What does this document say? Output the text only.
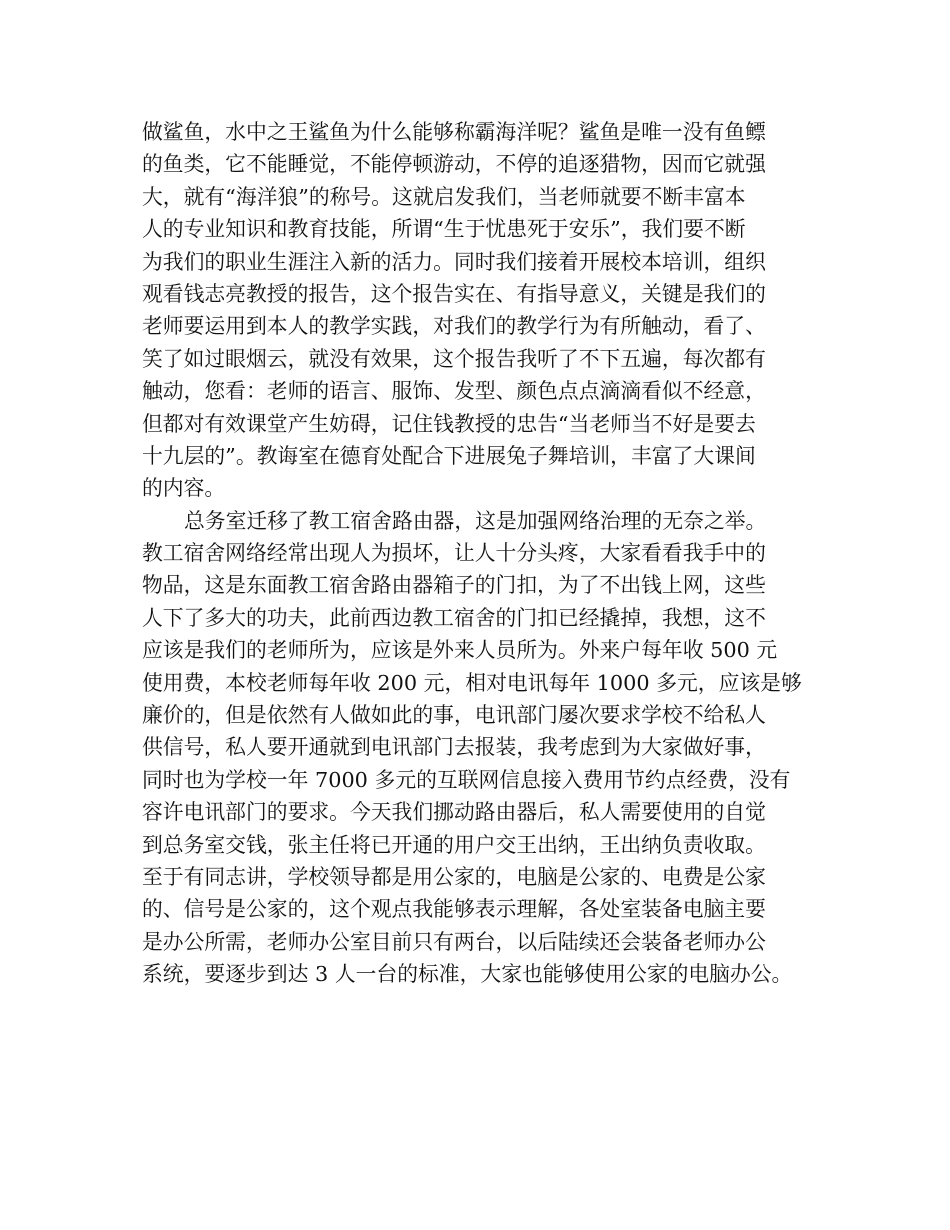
做鲨鱼，水中之王鲨鱼为什么能够称霸海洋呢？鲨鱼是唯一没有鱼鳔
的鱼类，它不能睡觉，不能停顿游动，不停的追逐猎物，因而它就强
大，就有“海洋狼”的称号。这就启发我们，当老师就要不断丰富本
人的专业知识和教育技能，所谓“生于忧患死于安乐”，我们要不断
为我们的职业生涯注入新的活力。同时我们接着开展校本培训，组织
观看钱志亮教授的报告，这个报告实在、有指导意义，关键是我们的
老师要运用到本人的教学实践，对我们的教学行为有所触动，看了、
笑了如过眼烟云，就没有效果，这个报告我听了不下五遍，每次都有
触动，您看：老师的语言、服饰、发型、颜色点点滴滴看似不经意，
但都对有效课堂产生妨碍，记住钱教授的忠告“当老师当不好是要去
十九层的”。教诲室在德育处配合下进展兔子舞培训，丰富了大课间
的内容。
总务室迁移了教工宿舍路由器，这是加强网络治理的无奈之举。
教工宿舍网络经常出现人为损坏，让人十分头疼，大家看看我手中的
物品，这是东面教工宿舍路由器箱子的门扣，为了不出钱上网，这些
人下了多大的功夫，此前西边教工宿舍的门扣已经撬掉，我想，这不
应该是我们的老师所为，应该是外来人员所为。外来户每年收 500 元
使用费，本校老师每年收 200 元，相对电讯每年 1000 多元，应该是够
廉价的，但是依然有人做如此的事，电讯部门屡次要求学校不给私人
供信号，私人要开通就到电讯部门去报装，我考虑到为大家做好事，
同时也为学校一年 7000 多元的互联网信息接入费用节约点经费，没有
容许电讯部门的要求。今天我们挪动路由器后，私人需要使用的自觉
到总务室交钱，张主任将已开通的用户交王出纳，王出纳负责收取。
至于有同志讲，学校领导都是用公家的，电脑是公家的、电费是公家
的、信号是公家的，这个观点我能够表示理解，各处室装备电脑主要
是办公所需，老师办公室目前只有两台，以后陆续还会装备老师办公
系统，要逐步到达 3 人一台的标准，大家也能够使用公家的电脑办公。
